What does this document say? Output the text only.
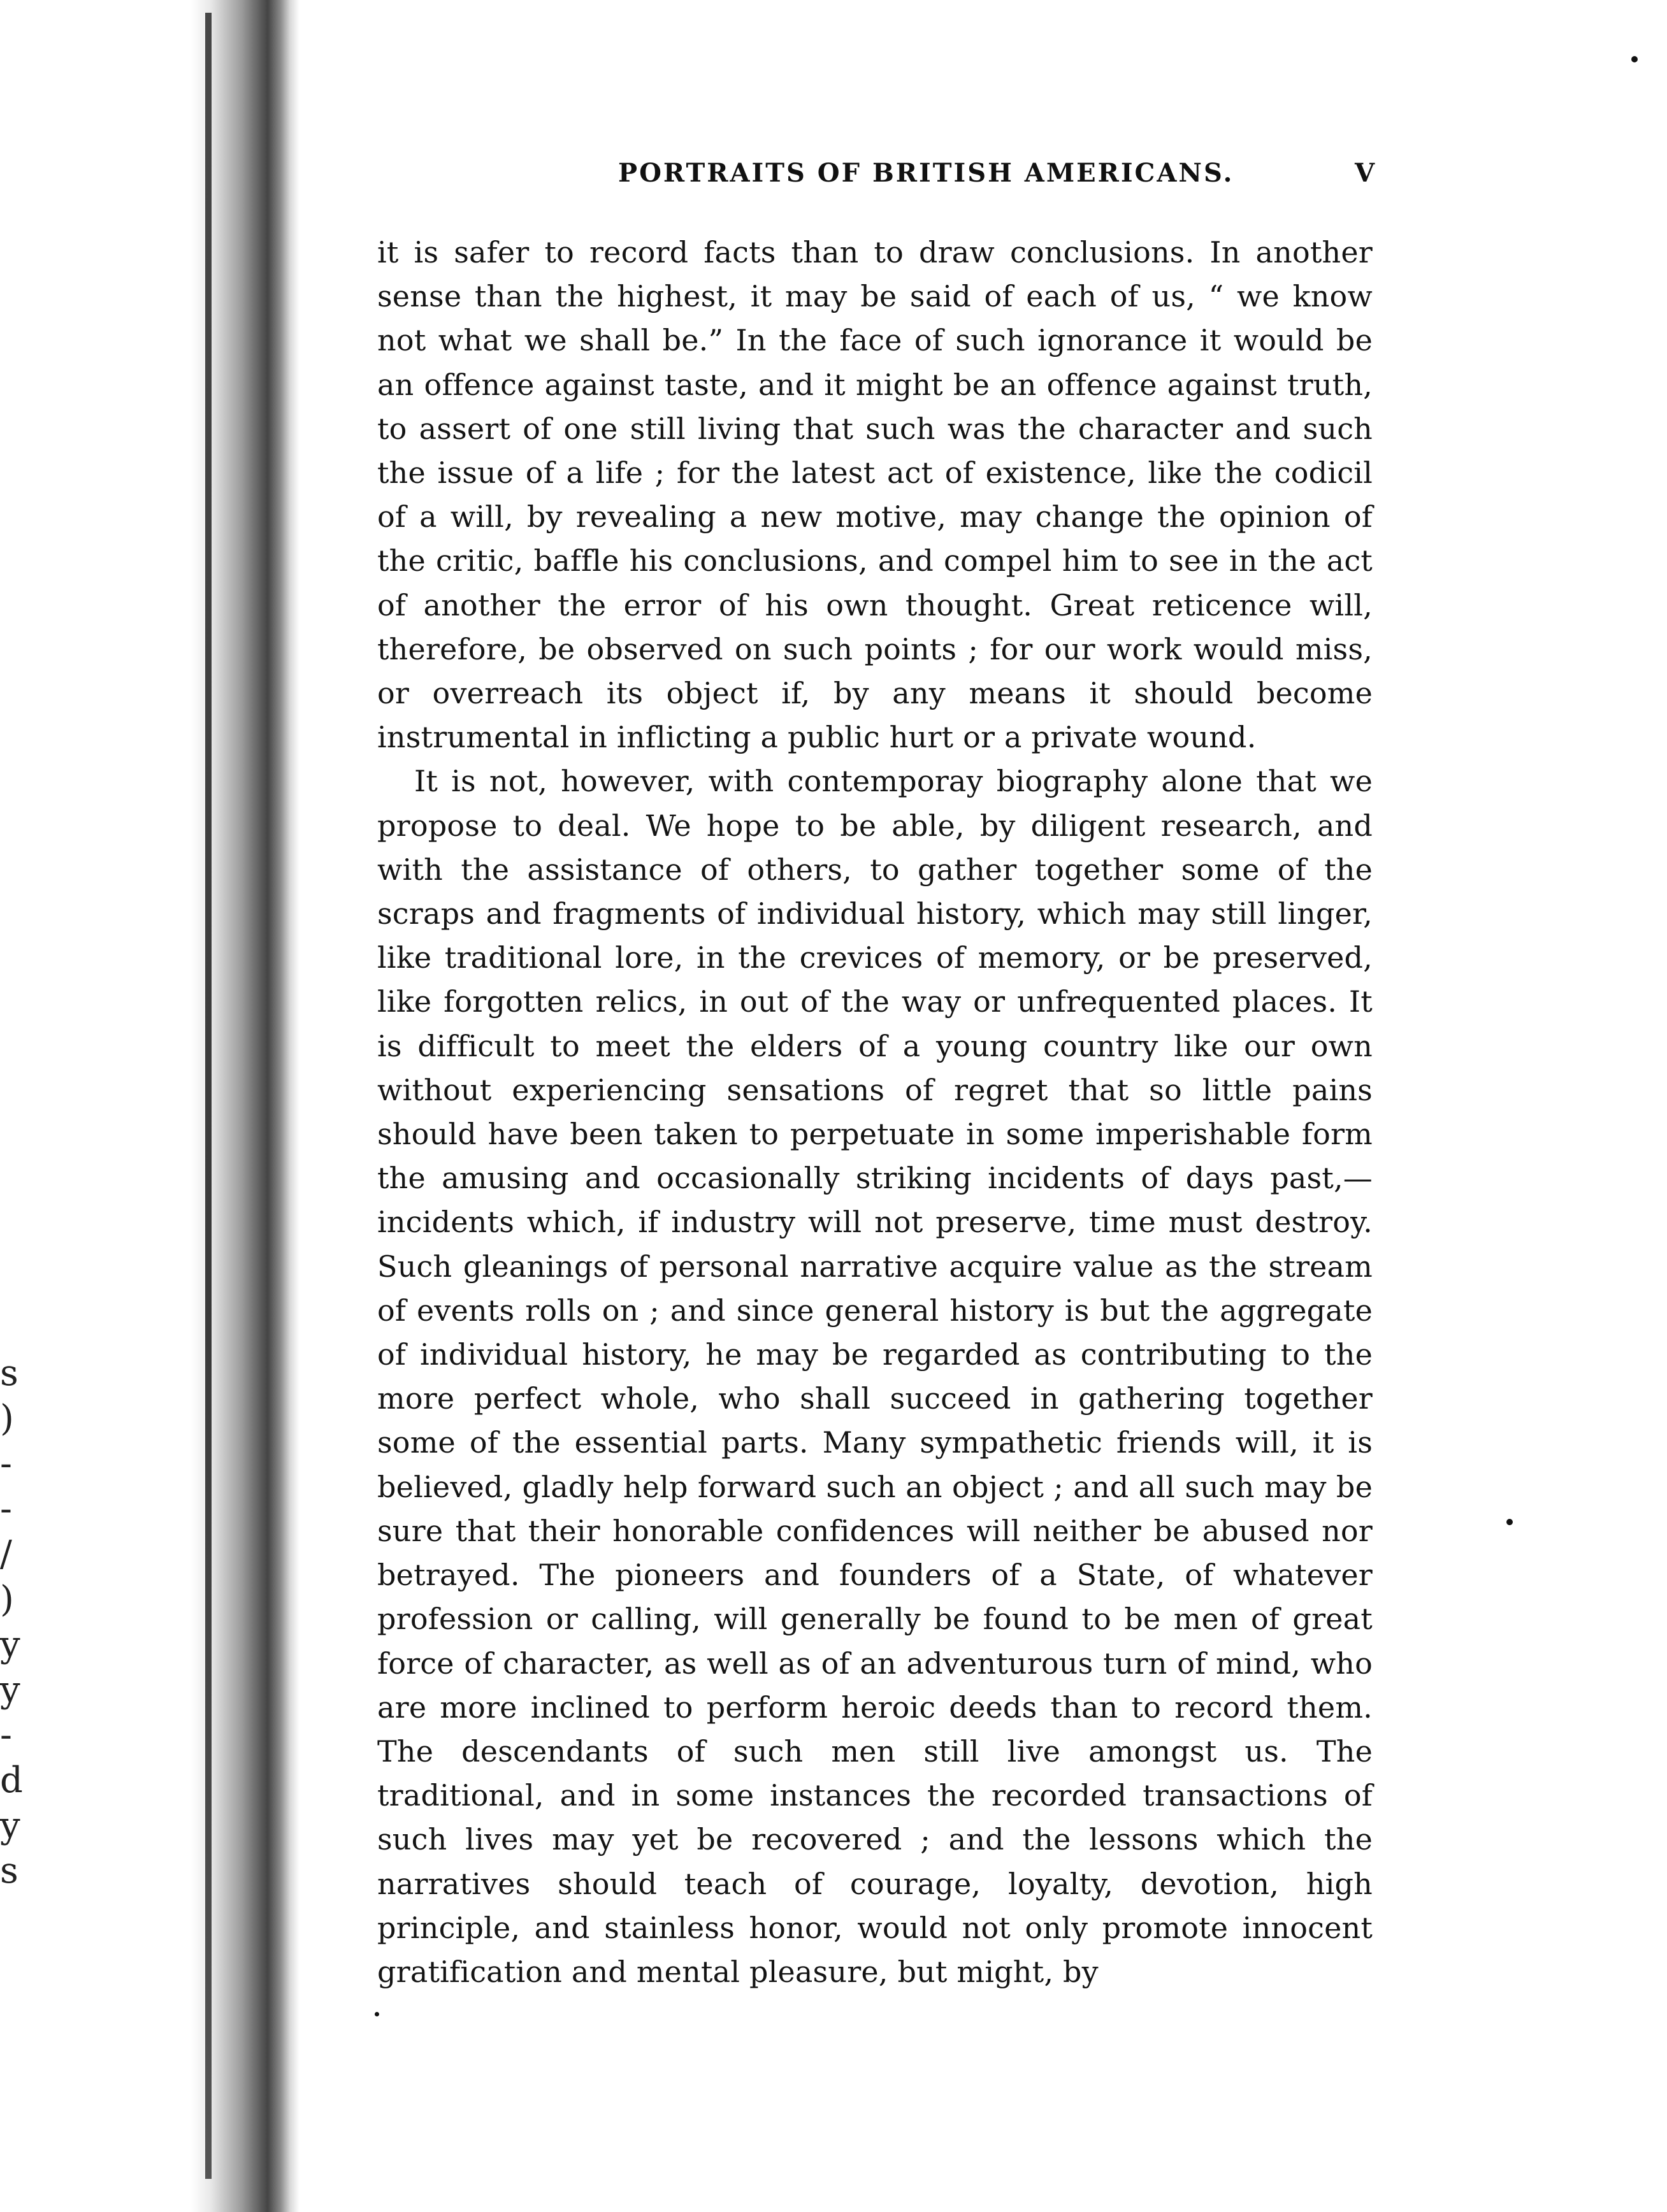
s
)
-
-
/
)
y
y
-
d
y
s
PORTRAITS OF BRITISH AMERICANS.	V

it is safer to record facts than to draw conclusions. In another sense than the highest, it may be said of each of us, “ we know not what we shall be.” In the face of such ignorance it would be an offence against taste, and it might be an offence against truth, to assert of one still living that such was the character and such the issue of a life ; for the latest act of existence, like the codicil of a will, by revealing a new motive, may change the opinion of the critic, baffle his conclusions, and compel him to see in the act of another the error of his own thought. Great reticence will, therefore, be observed on such points ; for our work would miss, or overreach its object if, by any means it should become instrumental in inflicting a public hurt or a private wound.

It is not, however, with contemporay biography alone that we propose to deal. We hope to be able, by diligent research, and with the assistance of others, to gather together some of the scraps and fragments of individual history, which may still linger, like traditional lore, in the crevices of memory, or be preserved, like forgotten relics, in out of the way or unfrequented places. It is difficult to meet the elders of a young country like our own without experiencing sensations of regret that so little pains should have been taken to perpetuate in some imperishable form the amusing and occasionally striking incidents of days past,—incidents which, if industry will not preserve, time must destroy. Such gleanings of personal narrative acquire value as the stream of events rolls on ; and since general history is but the aggregate of individual history, he may be regarded as contributing to the more perfect whole, who shall succeed in gathering together some of the essential parts. Many sympathetic friends will, it is believed, gladly help forward such an object ; and all such may be sure that their honorable confidences will neither be abused nor betrayed. The pioneers and founders of a State, of whatever profession or calling, will generally be found to be men of great force of character, as well as of an adventurous turn of mind, who are more inclined to perform heroic deeds than to record them. The descendants of such men still live amongst us. The traditional, and in some instances the recorded transactions of such lives may yet be recovered ; and the lessons which the narratives should teach of courage, loyalty, devotion, high principle, and stainless honor, would not only promote innocent gratification and mental pleasure, but might, by
